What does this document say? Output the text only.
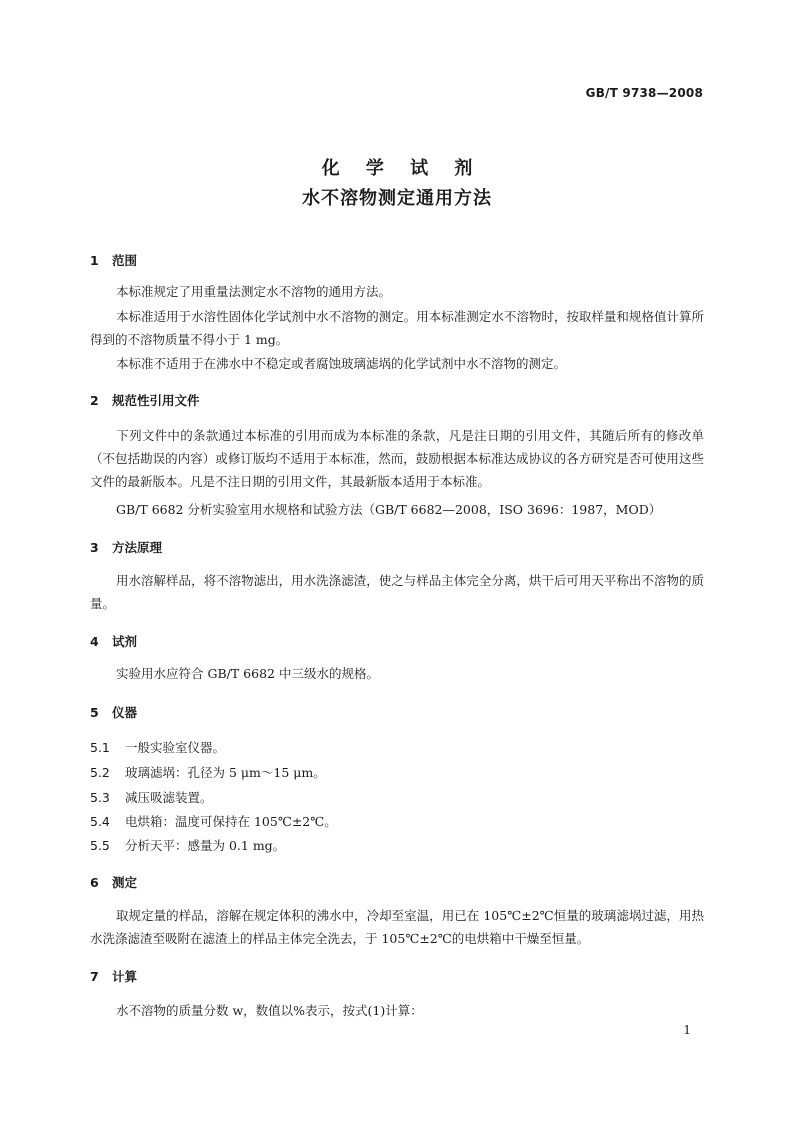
GB/T 9738—2008
化 学 试 剂
水不溶物测定通用方法
1 范围
本标准规定了用重量法测定水不溶物的通用方法。
本标准适用于水溶性固体化学试剂中水不溶物的测定。用本标准测定水不溶物时，按取样量和规格值计算所得到的不溶物质量不得小于 1 mg。
本标准不适用于在沸水中不稳定或者腐蚀玻璃滤埚的化学试剂中水不溶物的测定。
2 规范性引用文件
下列文件中的条款通过本标准的引用而成为本标准的条款，凡是注日期的引用文件，其随后所有的修改单（不包括勘误的内容）或修订版均不适用于本标准，然而，鼓励根据本标准达成协议的各方研究是否可使用这些文件的最新版本。凡是不注日期的引用文件，其最新版本适用于本标准。
GB/T 6682 分析实验室用水规格和试验方法（GB/T 6682—2008，ISO 3696：1987，MOD）
3 方法原理
用水溶解样品，将不溶物滤出，用水洗涤滤渣，使之与样品主体完全分离，烘干后可用天平称出不溶物的质量。
4 试剂
实验用水应符合 GB/T 6682 中三级水的规格。
5 仪器
5.1 一般实验室仪器。
5.2 玻璃滤埚：孔径为 5 μm～15 μm。
5.3 减压吸滤装置。
5.4 电烘箱：温度可保持在 105℃±2℃。
5.5 分析天平：感量为 0.1 mg。
6 测定
取规定量的样品，溶解在规定体积的沸水中，冷却至室温，用已在 105℃±2℃恒量的玻璃滤埚过滤，用热水洗涤滤渣至吸附在滤渣上的样品主体完全洗去，于 105℃±2℃的电烘箱中干燥至恒量。
7 计算
水不溶物的质量分数 w，数值以%表示，按式(1)计算：
1
